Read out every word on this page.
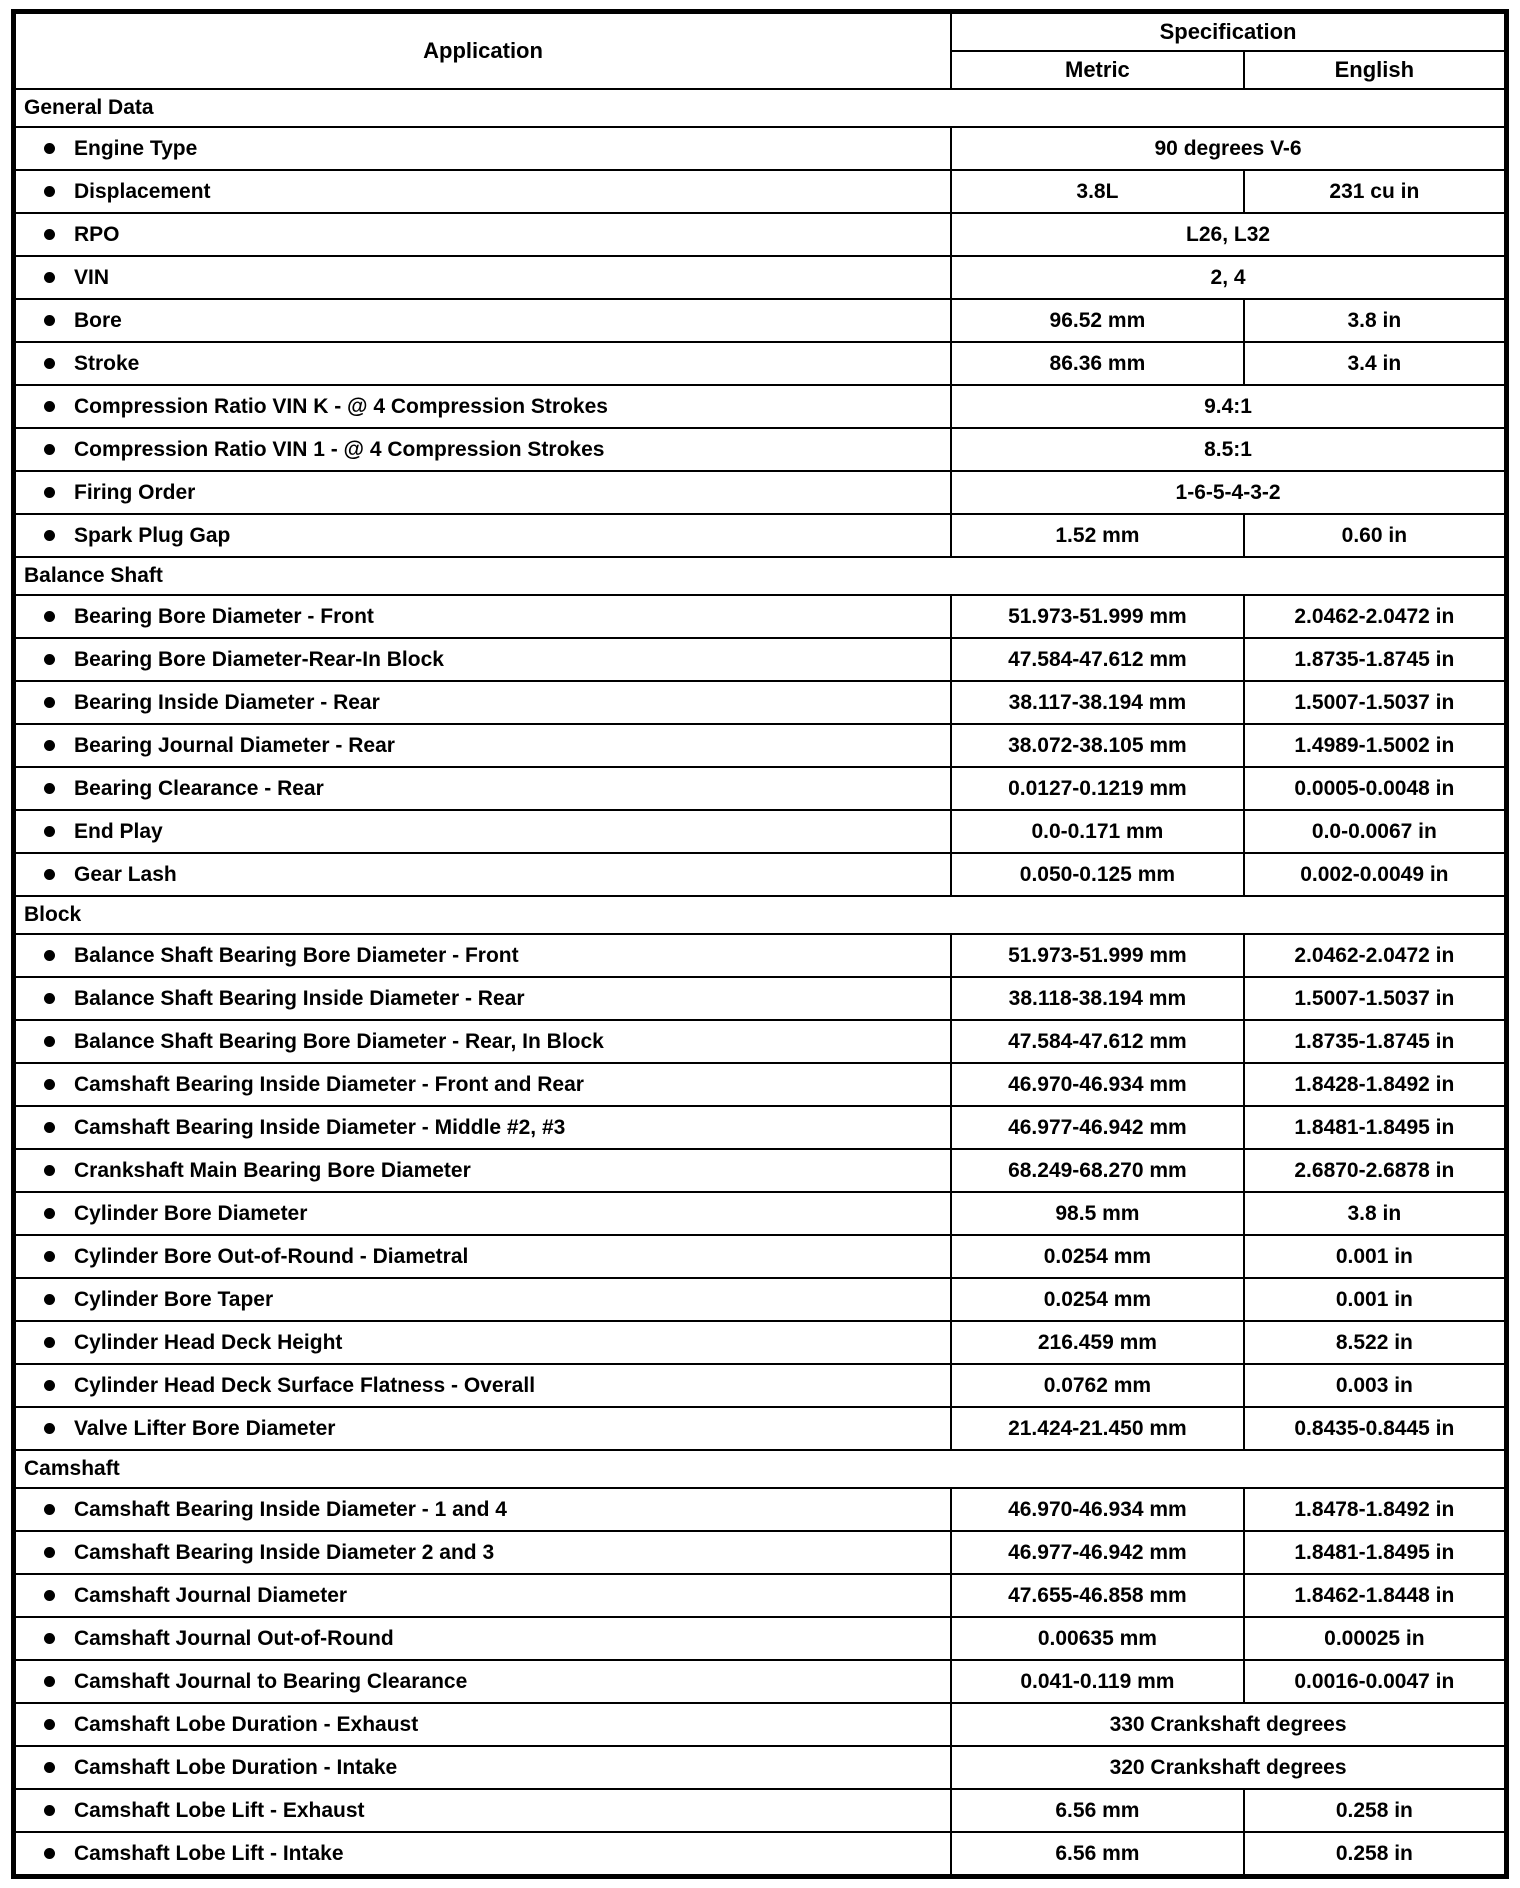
Application	Specification	
	Metric	English
General Data		
Engine Type	90 degrees V-6	
Displacement	3.8L	231 cu in
RPO	L26, L32	
VIN	2, 4	
Bore	96.52 mm	3.8 in
Stroke	86.36 mm	3.4 in
Compression Ratio VIN K - @ 4 Compression Strokes	9.4:1	
Compression Ratio VIN 1 - @ 4 Compression Strokes	8.5:1	
Firing Order	1-6-5-4-3-2	
Spark Plug Gap	1.52 mm	0.60 in
Balance Shaft		
Bearing Bore Diameter - Front	51.973-51.999 mm	2.0462-2.0472 in
Bearing Bore Diameter-Rear-In Block	47.584-47.612 mm	1.8735-1.8745 in
Bearing Inside Diameter - Rear	38.117-38.194 mm	1.5007-1.5037 in
Bearing Journal Diameter - Rear	38.072-38.105 mm	1.4989-1.5002 in
Bearing Clearance - Rear	0.0127-0.1219 mm	0.0005-0.0048 in
End Play	0.0-0.171 mm	0.0-0.0067 in
Gear Lash	0.050-0.125 mm	0.002-0.0049 in
Block		
Balance Shaft Bearing Bore Diameter - Front	51.973-51.999 mm	2.0462-2.0472 in
Balance Shaft Bearing Inside Diameter - Rear	38.118-38.194 mm	1.5007-1.5037 in
Balance Shaft Bearing Bore Diameter - Rear, In Block	47.584-47.612 mm	1.8735-1.8745 in
Camshaft Bearing Inside Diameter - Front and Rear	46.970-46.934 mm	1.8428-1.8492 in
Camshaft Bearing Inside Diameter - Middle #2, #3	46.977-46.942 mm	1.8481-1.8495 in
Crankshaft Main Bearing Bore Diameter	68.249-68.270 mm	2.6870-2.6878 in
Cylinder Bore Diameter	98.5 mm	3.8 in
Cylinder Bore Out-of-Round - Diametral	0.0254 mm	0.001 in
Cylinder Bore Taper	0.0254 mm	0.001 in
Cylinder Head Deck Height	216.459 mm	8.522 in
Cylinder Head Deck Surface Flatness - Overall	0.0762 mm	0.003 in
Valve Lifter Bore Diameter	21.424-21.450 mm	0.8435-0.8445 in
Camshaft		
Camshaft Bearing Inside Diameter - 1 and 4	46.970-46.934 mm	1.8478-1.8492 in
Camshaft Bearing Inside Diameter 2 and 3	46.977-46.942 mm	1.8481-1.8495 in
Camshaft Journal Diameter	47.655-46.858 mm	1.8462-1.8448 in
Camshaft Journal Out-of-Round	0.00635 mm	0.00025 in
Camshaft Journal to Bearing Clearance	0.041-0.119 mm	0.0016-0.0047 in
Camshaft Lobe Duration - Exhaust	330 Crankshaft degrees	
Camshaft Lobe Duration - Intake	320 Crankshaft degrees	
Camshaft Lobe Lift - Exhaust	6.56 mm	0.258 in
Camshaft Lobe Lift - Intake	6.56 mm	0.258 in
